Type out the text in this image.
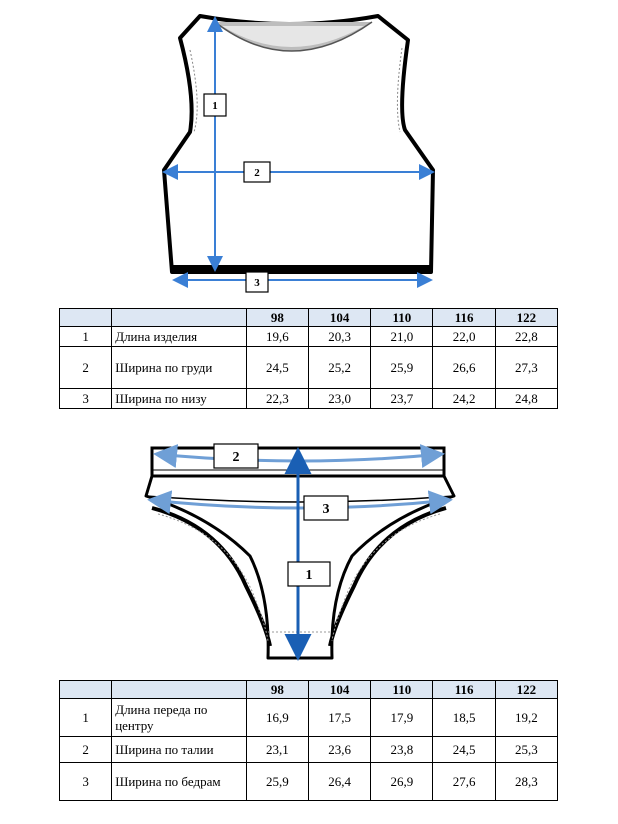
1
2
3
		98	104	110	116	122
1	Длина изделия	19,6	20,3	21,0	22,0	22,8
2	Ширина по груди	24,5	25,2	25,9	26,6	27,3
3	Ширина по низу	22,3	23,0	23,7	24,2	24,8
2
3
1
		98	104	110	116	122
1	Длина переда по центру	16,9	17,5	17,9	18,5	19,2
2	Ширина по талии	23,1	23,6	23,8	24,5	25,3
3	Ширина по бедрам	25,9	26,4	26,9	27,6	28,3
